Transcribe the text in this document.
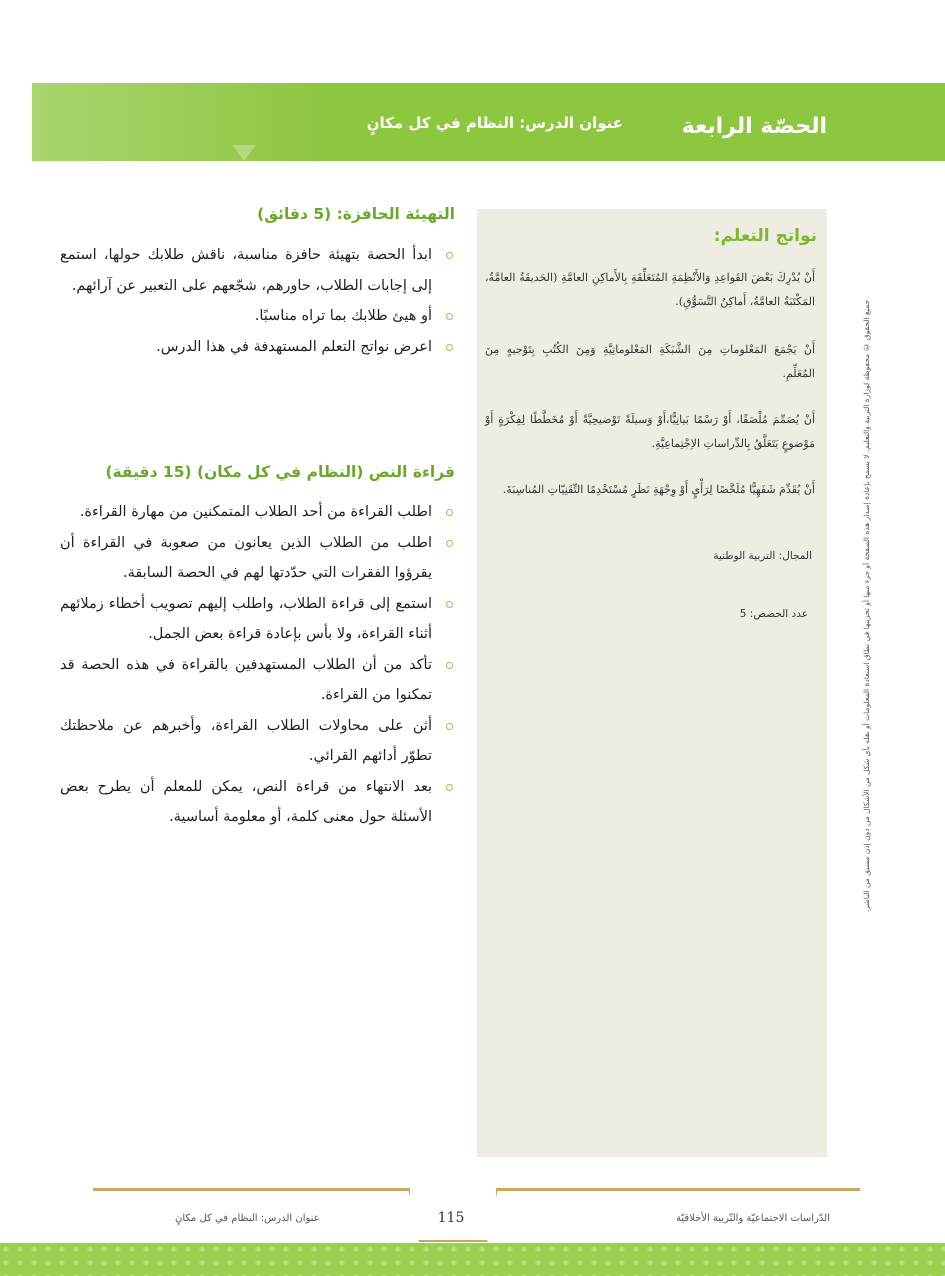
الحصّة الرابعة
عنوان الدرس: النظام في كل مكانٍ
جميع الحقوق © محفوظة لوزارة التربية والتعليم. لا يسمح بإعادة إصدار هذه الصفحة أو جزء منها أو تخزينها في نطاق استعادة المعلومات أو نقله بأي شكل من الأشكال من دون إذن مسبق من الناشر.
نواتج التعلم:
أَنْ يُدْرِكَ بَعْضَ القَواعِدِ وَالأَنْظِمَةِ المُتَعَلِّقَةِ بِالأَماكِنِ العامَّةِ (الحَديقَةُ العامَّةُ، المَكْتَبَةُ العامَّةُ، أَماكِنُ التَّسَوُّقِ).
أَنْ يَجْمَعَ المَعْلوماتِ مِنَ الشَّبَكَةِ المَعْلوماتِيَّةِ وَمِنَ الكُتُبِ بِتَوْجيهٍ مِنَ المُعَلِّمِ.
أَنْ يُصَمِّمَ مُلْصَقًا، أَوْ رَسْمًا بَيانِيًّا،أَوْ وَسيلَةً تَوْضيحِيَّةً أَوْ مُخَطَّطًا لِفِكْرَةٍ أَوْ مَوْضوعٍ يَتَعَلَّقُ بِالدِّراساتِ الاِجْتِماعِيَّةِ.
أَنْ يُقَدِّمَ شَفَهِيًّا مُلَخَّصًا لِرَأْيٍ أَوْ وِجْهَةِ نَظَرٍ مُسْتَخْدِمًا التِّقَنِيّاتِ المُناسِبَةَ.
المجال: التربية الوطنية
عدد الحصص: 5
التهيئة الحافزة: (5 دقائق)
ابدأ الحصة بتهيئة حافزة مناسبة، ناقش طلابك حولها، استمع إلى إجابات الطلاب، حاورهم، شجّعهم على التعبير عن آرائهم.
أو هيئ طلابك بما تراه مناسبًا.
اعرض نواتج التعلم المستهدفة في هذا الدرس.
قراءة النص (النظام في كل مكان) (15 دقيقة)
اطلب القراءة من أحد الطلاب المتمكنين من مهارة القراءة.
اطلب من الطلاب الذين يعانون من صعوبة في القراءة أن يقرؤوا الفقرات التي حدّدتها لهم في الحصة السابقة.
استمع إلى قراءة الطلاب، واطلب إليهم تصويب أخطاء زملائهم أثناء القراءة، ولا بأس بإعادة قراءة بعض الجمل.
تأكد من أن الطلاب المستهدفين بالقراءة في هذه الحصة قد تمكنوا من القراءة.
أثن على محاولات الطلاب القراءة، وأخبرهم عن ملاحظتك تطوّر أدائهم القرائي.
بعد الانتهاء من قراءة النص، يمكن للمعلم أن يطرح بعض الأسئلة حول معنى كلمة، أو معلومة أساسية.
115
عنوان الدرس: النظام في كل مكانٍ	الدّراسات الاجتماعيّة والتّربية الأخلاقيّة
